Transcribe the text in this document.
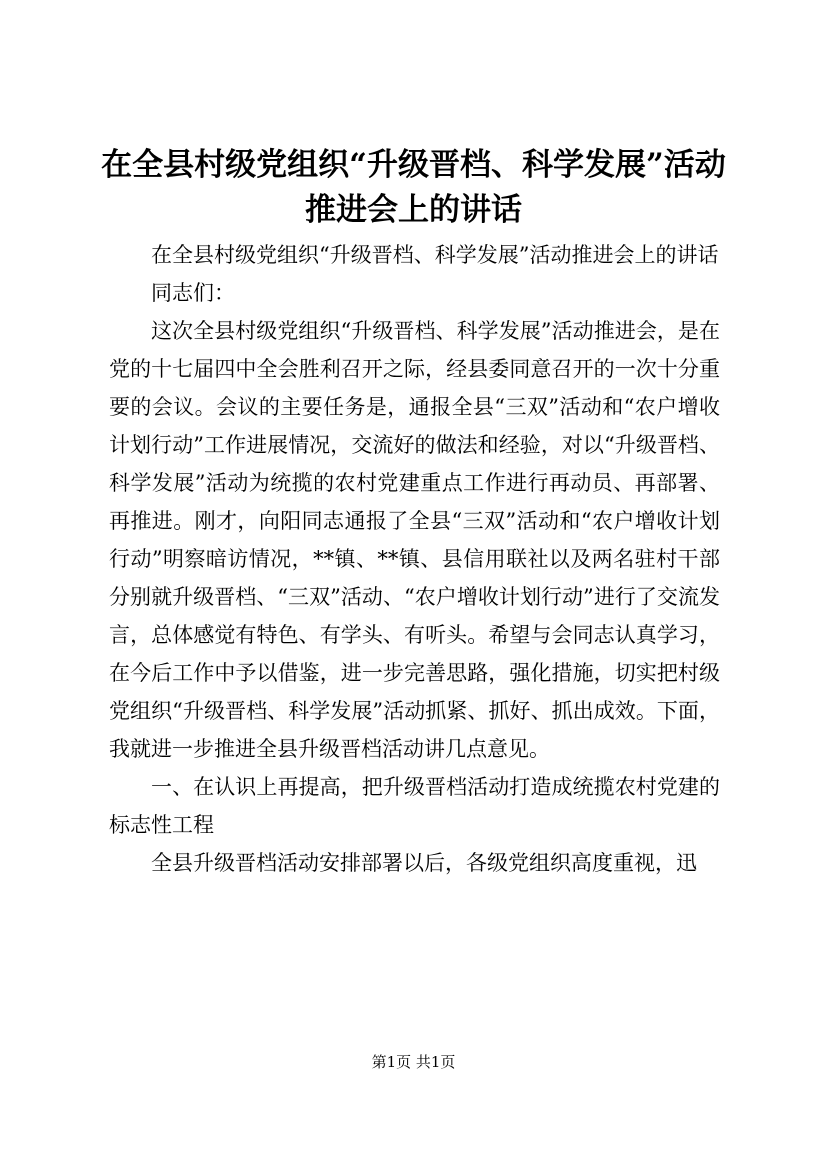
在全县村级党组织“升级晋档、科学发展”活动推进会上的讲话

在全县村级党组织“升级晋档、科学发展”活动推进会上的讲话

同志们：

这次全县村级党组织“升级晋档、科学发展”活动推进会，是在党的十七届四中全会胜利召开之际，经县委同意召开的一次十分重要的会议。会议的主要任务是，通报全县“三双”活动和“农户增收计划行动”工作进展情况，交流好的做法和经验，对以“升级晋档、科学发展”活动为统揽的农村党建重点工作进行再动员、再部署、再推进。刚才，向阳同志通报了全县“三双”活动和“农户增收计划行动”明察暗访情况，**镇、**镇、县信用联社以及两名驻村干部分别就升级晋档、“三双”活动、“农户增收计划行动”进行了交流发言，总体感觉有特色、有学头、有听头。希望与会同志认真学习，在今后工作中予以借鉴，进一步完善思路，强化措施，切实把村级党组织“升级晋档、科学发展”活动抓紧、抓好、抓出成效。下面，我就进一步推进全县升级晋档活动讲几点意见。

一、在认识上再提高，把升级晋档活动打造成统揽农村党建的标志性工程

全县升级晋档活动安排部署以后，各级党组织高度重视，迅

第1页 共1页
